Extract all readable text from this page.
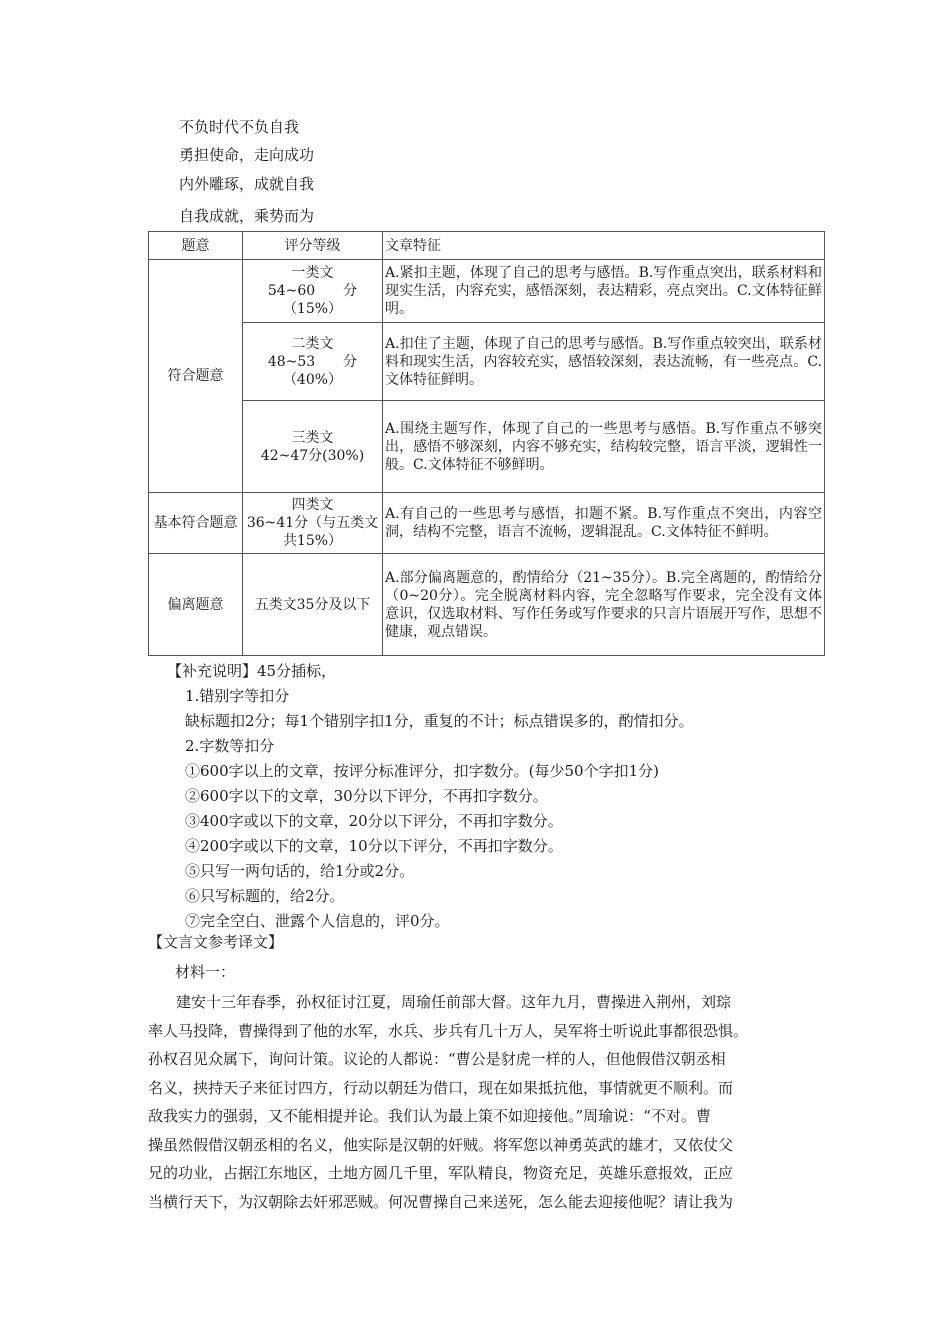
不负时代不负自我
勇担使命，走向成功
内外雕琢，成就自我
自我成就，乘势而为
题意	评分等级	文章特征
符合题意	一类文
54~60　　分
（15%）	A.紧扣主题，体现了自己的思考与感悟。B.写作重点突出，联系材料和现实生活，内容充实，感悟深刻，表达精彩，亮点突出。C.文体特征鲜明。

	二类文
48~53　　分
（40%）	A.扣住了主题，体现了自己的思考与感悟。B.写作重点较突出，联系材料和现实生活，内容较充实，感悟较深刻，表达流畅，有一些亮点。C.文体特征鲜明。

	三类文
42~47分(30%)	A.围绕主题写作，体现了自己的一些思考与感悟。B.写作重点不够突出，感悟不够深刻，内容不够充实，结构较完整，语言平淡，逻辑性一般。C.文体特征不够鲜明。
基本符合题意	四类文
36~41分（与五类文共15%）	A.有自己的一些思考与感悟，扣题不紧。B.写作重点不突出，内容空洞，结构不完整，语言不流畅，逻辑混乱。C.文体特征不鲜明。
偏离题意	五类文35分及以下	A.部分偏离题意的，酌情给分（21~35分）。B.完全离题的，酌情给分（0~20分）。完全脱离材料内容，完全忽略写作要求，完全没有文体意识，仅选取材料、写作任务或写作要求的只言片语展开写作，思想不健康，观点错误。
【补充说明】45分插标，
1.错别字等扣分
缺标题扣2分；每1个错别字扣1分，重复的不计；标点错误多的，酌情扣分。
2.字数等扣分
①600字以上的文章，按评分标准评分，扣字数分。(每少50个字扣1分)
②600字以下的文章，30分以下评分，不再扣字数分。
③400字或以下的文章，20分以下评分，不再扣字数分。
④200字或以下的文章，10分以下评分，不再扣字数分。
⑤只写一两句话的，给1分或2分。
⑥只写标题的，给2分。
⑦完全空白、泄露个人信息的，评0分。
【文言文参考译文】
材料一：
建安十三年春季，孙权征讨江夏，周瑜任前部大督。这年九月，曹操进入荆州，刘琮
率人马投降，曹操得到了他的水军，水兵、步兵有几十万人，吴军将士听说此事都很恐惧。
孙权召见众属下，询问计策。议论的人都说：“曹公是豺虎一样的人，但他假借汉朝丞相
名义，挟持天子来征讨四方，行动以朝廷为借口，现在如果抵抗他，事情就更不顺利。而
敌我实力的强弱，又不能相提并论。我们认为最上策不如迎接他。”周瑜说：“不对。曹
操虽然假借汉朝丞相的名义，他实际是汉朝的奸贼。将军您以神勇英武的雄才，又依仗父
兄的功业，占据江东地区，土地方圆几千里，军队精良，物资充足，英雄乐意报效，正应
当横行天下，为汉朝除去奸邪恶贼。何况曹操自己来送死，怎么能去迎接他呢？请让我为
